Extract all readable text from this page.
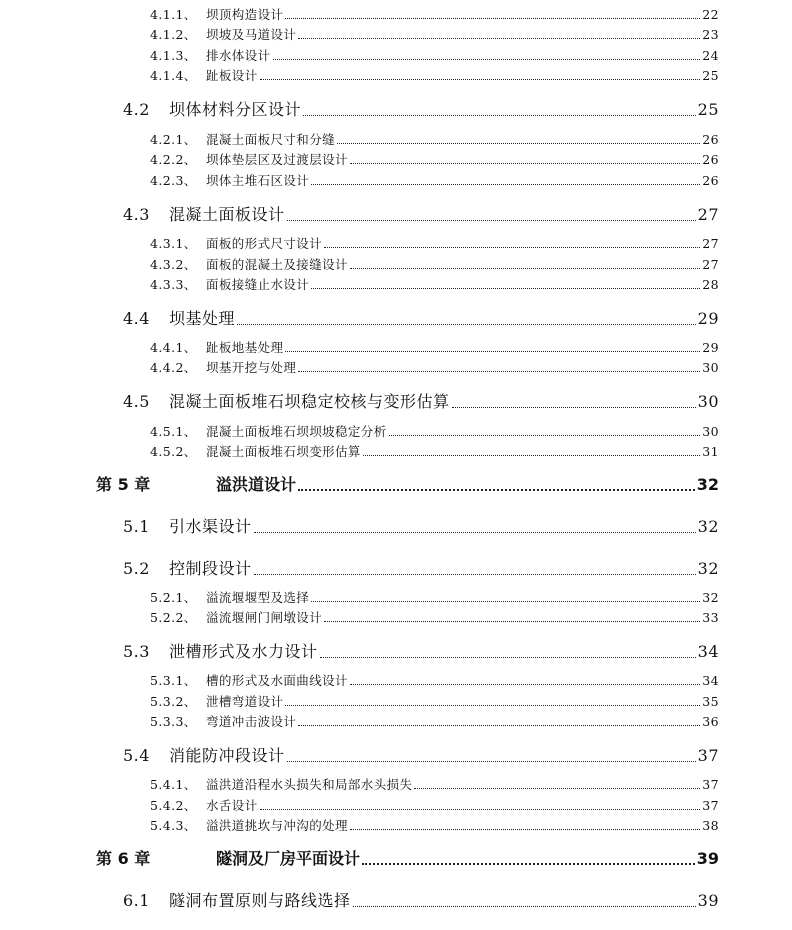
4.1.1、 坝顶构造设计	22
4.1.2、 坝坡及马道设计	23
4.1.3、 排水体设计	24
4.1.4、 趾板设计	25
4.2	坝体材料分区设计	25
4.2.1、 混凝土面板尺寸和分缝	26
4.2.2、 坝体垫层区及过渡层设计	26
4.2.3、 坝体主堆石区设计	26
4.3	混凝土面板设计	27
4.3.1、 面板的形式尺寸设计	27
4.3.2、 面板的混凝土及接缝设计	27
4.3.3、 面板接缝止水设计	28
4.4	坝基处理	29
4.4.1、 趾板地基处理	29
4.4.2、 坝基开挖与处理	30
4.5	混凝土面板堆石坝稳定校核与变形估算	30
4.5.1、 混凝土面板堆石坝坝坡稳定分析	30
4.5.2、 混凝土面板堆石坝变形估算	31
第 5 章	溢洪道设计	32
5.1	引水渠设计	32
5.2	控制段设计	32
5.2.1、 溢流堰堰型及选择	32
5.2.2、 溢流堰闸门闸墩设计	33
5.3	泄槽形式及水力设计	34
5.3.1、 槽的形式及水面曲线设计	34
5.3.2、 泄槽弯道设计	35
5.3.3、 弯道冲击波设计	36
5.4	消能防冲段设计	37
5.4.1、 溢洪道沿程水头损失和局部水头损失	37
5.4.2、 水舌设计	37
5.4.3、 溢洪道挑坎与冲沟的处理	38
第 6 章	隧洞及厂房平面设计	39
6.1	隧洞布置原则与路线选择	39
